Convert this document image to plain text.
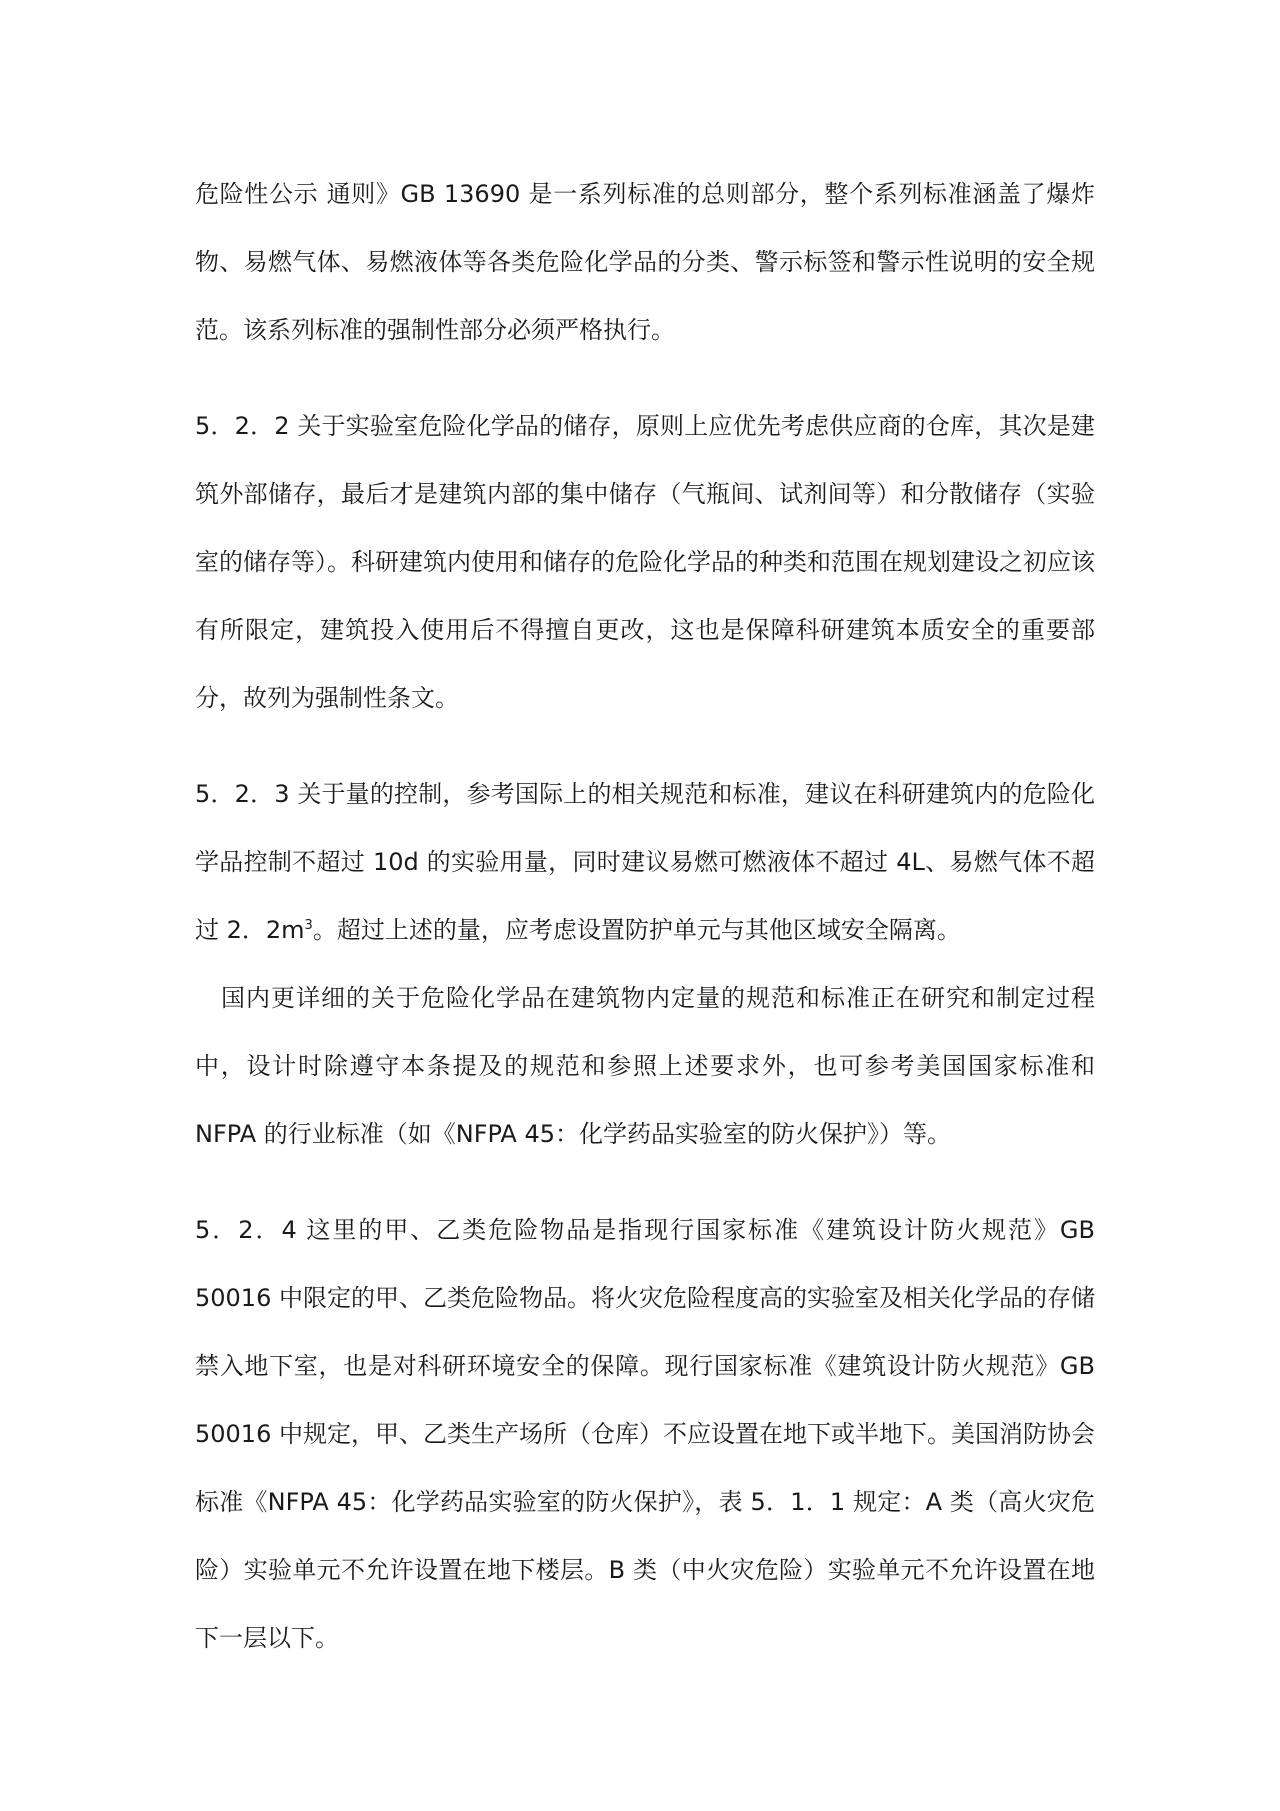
危险性公示 通则》GB 13690 是一系列标准的总则部分，整个系列标准涵盖了爆炸物、易燃气体、易燃液体等各类危险化学品的分类、警示标签和警示性说明的安全规范。该系列标准的强制性部分必须严格执行。

5．2．2 关于实验室危险化学品的储存，原则上应优先考虑供应商的仓库，其次是建筑外部储存，最后才是建筑内部的集中储存（气瓶间、试剂间等）和分散储存（实验室的储存等）。科研建筑内使用和储存的危险化学品的种类和范围在规划建设之初应该有所限定，建筑投入使用后不得擅自更改，这也是保障科研建筑本质安全的重要部分，故列为强制性条文。

5．2．3 关于量的控制，参考国际上的相关规范和标准，建议在科研建筑内的危险化学品控制不超过 10d 的实验用量，同时建议易燃可燃液体不超过 4L、易燃气体不超过 2．$2m^3$。超过上述的量，应考虑设置防护单元与其他区域安全隔离。

国内更详细的关于危险化学品在建筑物内定量的规范和标准正在研究和制定过程中，设计时除遵守本条提及的规范和参照上述要求外，也可参考美国国家标准和 NFPA 的行业标准（如《NFPA 45：化学药品实验室的防火保护》）等。

5．2．4 这里的甲、乙类危险物品是指现行国家标准《建筑设计防火规范》GB 50016 中限定的甲、乙类危险物品。将火灾危险程度高的实验室及相关化学品的存储禁入地下室，也是对科研环境安全的保障。现行国家标准《建筑设计防火规范》GB 50016 中规定，甲、乙类生产场所（仓库）不应设置在地下或半地下。美国消防协会标准《NFPA 45：化学药品实验室的防火保护》，表 5．1．1 规定：A 类（高火灾危险）实验单元不允许设置在地下楼层。B 类（中火灾危险）实验单元不允许设置在地下一层以下。
